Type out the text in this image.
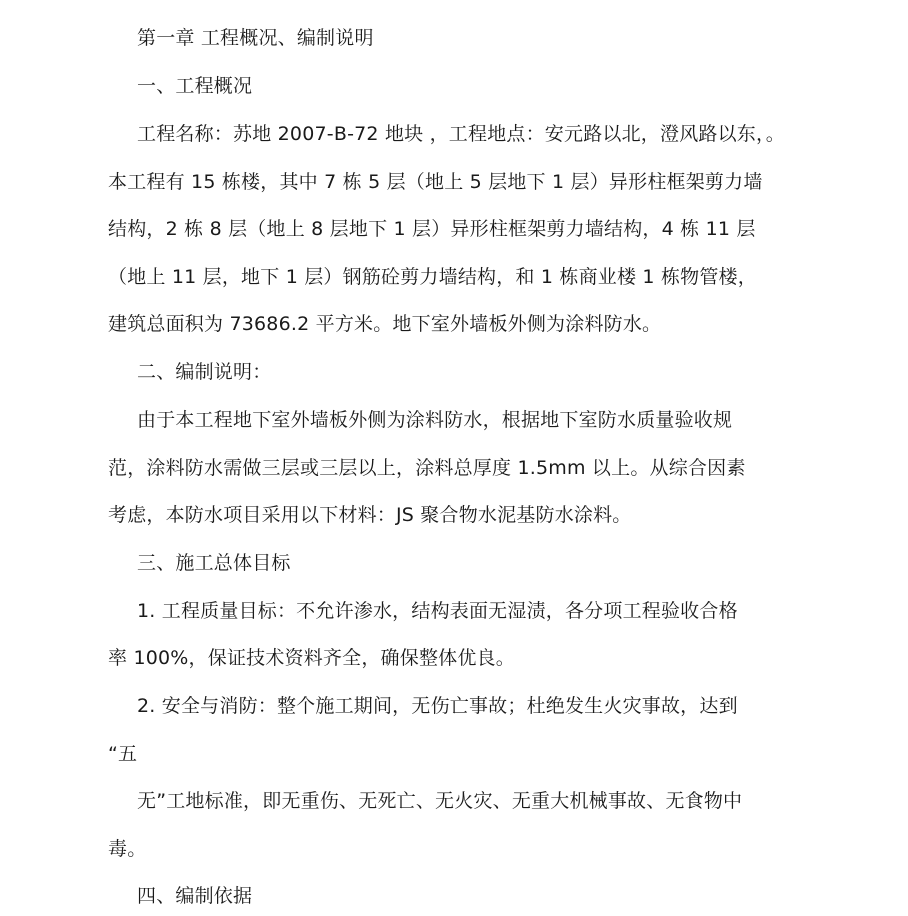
第一章 工程概况、编制说明
一、工程概况
工程名称：苏地 2007-B-72 地块 ，工程地点：安元路以北，澄风路以东，。
本工程有 15 栋楼，其中 7 栋 5 层（地上 5 层地下 1 层）异形柱框架剪力墙
结构，2 栋 8 层（地上 8 层地下 1 层）异形柱框架剪力墙结构，4 栋 11 层
（地上 11 层，地下 1 层）钢筋砼剪力墙结构，和 1 栋商业楼 1 栋物管楼，
建筑总面积为 73686.2 平方米。地下室外墙板外侧为涂料防水。
二、编制说明：
由于本工程地下室外墙板外侧为涂料防水，根据地下室防水质量验收规
范，涂料防水需做三层或三层以上，涂料总厚度 1.5mm 以上。从综合因素
考虑，本防水项目采用以下材料：JS 聚合物水泥基防水涂料。
三、施工总体目标
1. 工程质量目标：不允许渗水，结构表面无湿渍，各分项工程验收合格
率 100%，保证技术资料齐全，确保整体优良。
2. 安全与消防：整个施工期间，无伤亡事故；杜绝发生火灾事故，达到
“五
无”工地标准，即无重伤、无死亡、无火灾、无重大机械事故、无食物中
毒。
四、编制依据
